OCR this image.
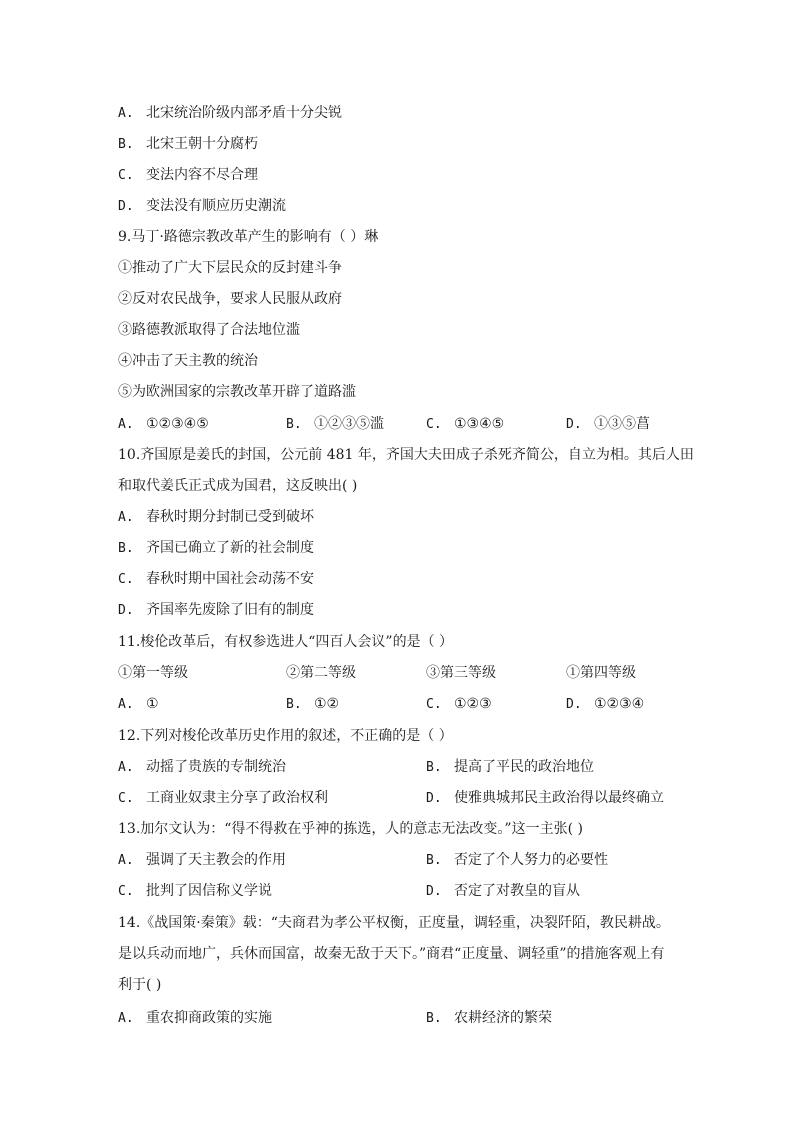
A. 北宋统治阶级内部矛盾十分尖锐
B. 北宋王朝十分腐朽
C. 变法内容不尽合理
D. 变法没有顺应历史潮流
9.马丁·路德宗教改革产生的影响有（ ）琳
①推动了广大下层民众的反封建斗争
②反对农民战争，要求人民服从政府
③路德教派取得了合法地位滥
④冲击了天主教的统治
⑤为欧洲国家的宗教改革开辟了道路滥
A. ①②③④⑤	B. ①②③⑤滥	C. ①③④⑤	D. ①③⑤菖
10.齐国原是姜氏的封国，公元前 481 年，齐国大夫田成子杀死齐简公，自立为相。其后人田
和取代姜氏正式成为国君，这反映出( )
A. 春秋时期分封制已受到破坏
B. 齐国已确立了新的社会制度
C. 春秋时期中国社会动荡不安
D. 齐国率先废除了旧有的制度
11.梭伦改革后，有权参选进人“四百人会议”的是（ ）
①第一等级	②第二等级	③第三等级	①第四等级
A. ①	B. ①②	C. ①②③	D. ①②③④
12.下列对梭伦改革历史作用的叙述，不正确的是（ ）
A. 动摇了贵族的专制统治	B. 提高了平民的政治地位
C. 工商业奴隶主分享了政治权利	D. 使雅典城邦民主政治得以最终确立
13.加尔文认为：“得不得救在乎神的拣选，人的意志无法改变。”这一主张( )
A. 强调了天主教会的作用	B. 否定了个人努力的必要性
C. 批判了因信称义学说	D. 否定了对教皇的盲从
14.《战国策·秦策》载：“夫商君为孝公平权衡，正度量，调轻重，决裂阡陌，教民耕战。
是以兵动而地广，兵休而国富，故秦无敌于天下。”商君“正度量、调轻重”的措施客观上有
利于( )
A. 重农抑商政策的实施	B. 农耕经济的繁荣
